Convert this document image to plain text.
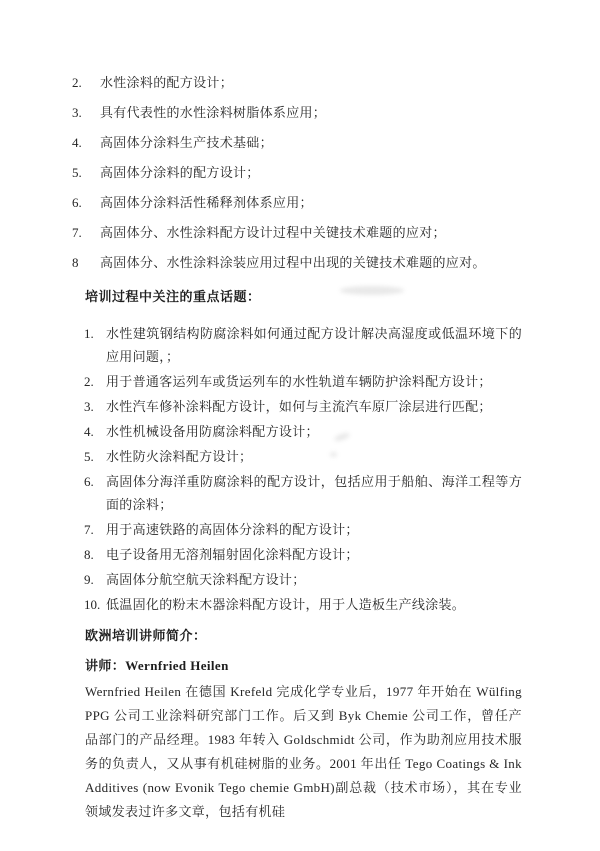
2.	水性涂料的配方设计；
3.	具有代表性的水性涂料树脂体系应用；
4.	高固体分涂料生产技术基础；
5.	高固体分涂料的配方设计；
6.	高固体分涂料活性稀释剂体系应用；
7.	高固体分、水性涂料配方设计过程中关键技术难题的应对；
8	高固体分、水性涂料涂装应用过程中出现的关键技术难题的应对。
培训过程中关注的重点话题：
1. 水性建筑钢结构防腐涂料如何通过配方设计解决高湿度或低温环境下的应用问题，；
2. 用于普通客运列车或货运列车的水性轨道车辆防护涂料配方设计；
3. 水性汽车修补涂料配方设计，如何与主流汽车原厂涂层进行匹配；
4. 水性机械设备用防腐涂料配方设计；
5. 水性防火涂料配方设计；
6. 高固体分海洋重防腐涂料的配方设计，包括应用于船舶、海洋工程等方面的涂料；
7. 用于高速铁路的高固体分涂料的配方设计；
8. 电子设备用无溶剂辐射固化涂料配方设计；
9. 高固体分航空航天涂料配方设计；
10. 低温固化的粉末木器涂料配方设计，用于人造板生产线涂装。
欧洲培训讲师简介：
讲师：Wernfried Heilen
Wernfried Heilen 在德国 Krefeld 完成化学专业后，1977 年开始在 Wülfing PPG 公司工业涂料研究部门工作。后又到 Byk Chemie 公司工作，曾任产品部门的产品经理。1983 年转入 Goldschmidt 公司，作为助剂应用技术服务的负责人，又从事有机硅树脂的业务。2001 年出任 Tego Coatings & Ink Additives (now Evonik Tego chemie GmbH)副总裁（技术市场），其在专业领域发表过许多文章，包括有机硅
